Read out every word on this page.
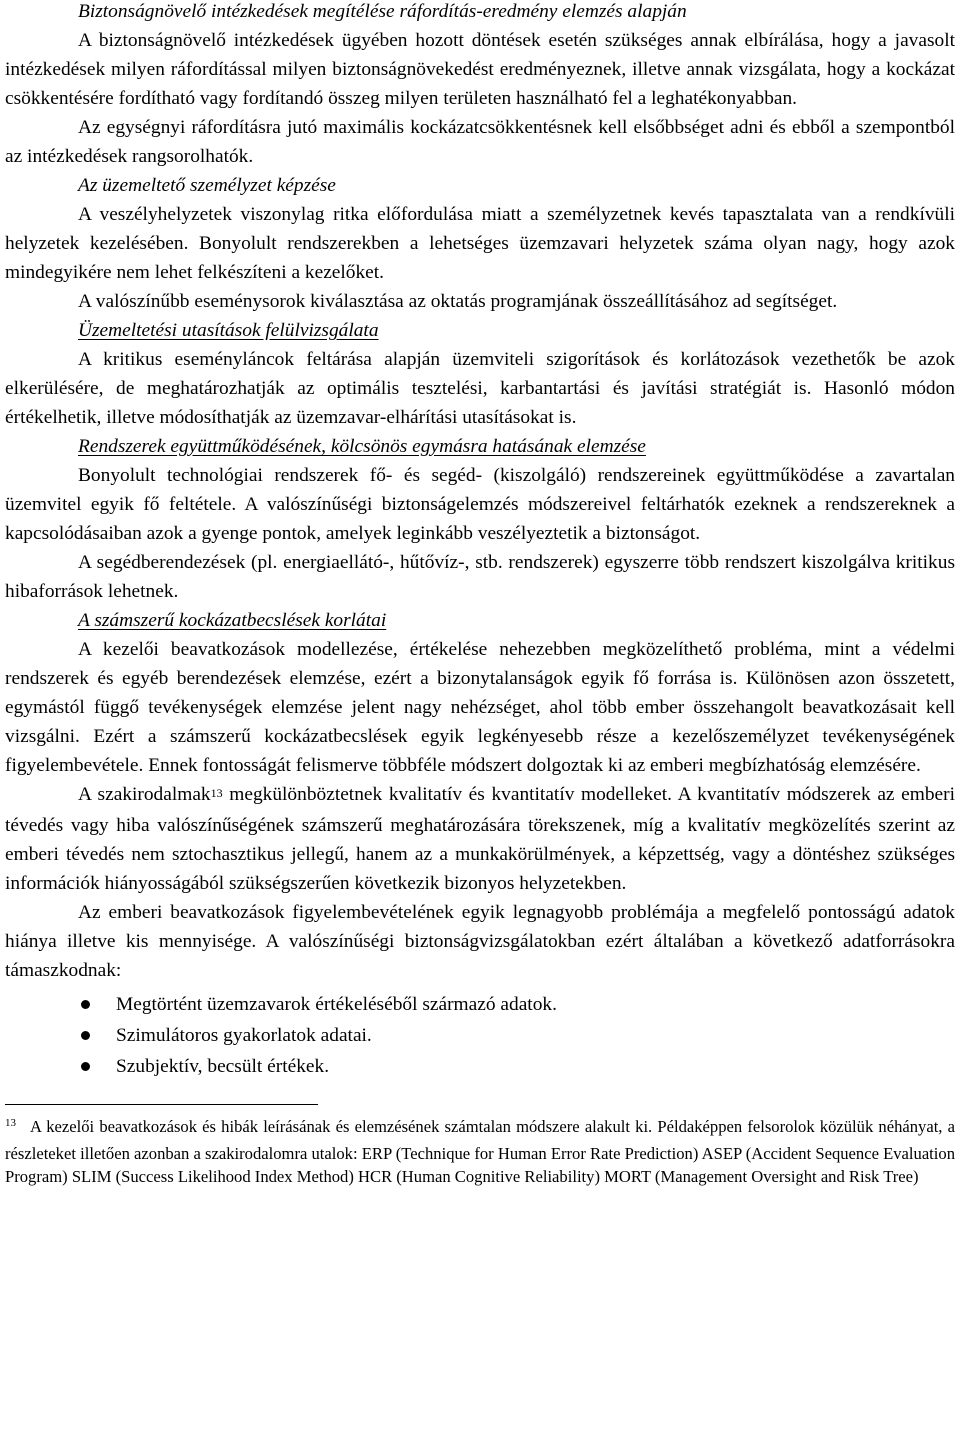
Biztonságnövelő intézkedések megítélése ráfordítás-eredmény elemzés alapján

A biztonságnövelő intézkedések ügyében hozott döntések esetén szükséges annak elbírálása, hogy a javasolt intézkedések milyen ráfordítással milyen biztonságnövekedést eredményeznek, illetve annak vizsgálata, hogy a kockázat csökkentésére fordítható vagy fordítandó összeg milyen területen használható fel a leghatékonyabban.

Az egységnyi ráfordításra jutó maximális kockázatcsökkentésnek kell elsőbbséget adni és ebből a szempontból az intézkedések rangsorolhatók.

Az üzemeltető személyzet képzése

A veszélyhelyzetek viszonylag ritka előfordulása miatt a személyzetnek kevés tapasztalata van a rendkívüli helyzetek kezelésében. Bonyolult rendszerekben a lehetséges üzemzavari helyzetek száma olyan nagy, hogy azok mindegyikére nem lehet felkészíteni a kezelőket.

A valószínűbb eseménysorok kiválasztása az oktatás programjának összeállításához ad segítséget.

Üzemeltetési utasítások felülvizsgálata

A kritikus eseményláncok feltárása alapján üzemviteli szigorítások és korlátozások vezethetők be azok elkerülésére, de meghatározhatják az optimális tesztelési, karbantartási és javítási stratégiát is. Hasonló módon értékelhetik, illetve módosíthatják az üzemzavar-elhárítási utasításokat is.

Rendszerek együttműködésének, kölcsönös egymásra hatásának elemzése

Bonyolult technológiai rendszerek fő- és segéd- (kiszolgáló) rendszereinek együttműködése a zavartalan üzemvitel egyik fő feltétele. A valószínűségi biztonságelemzés módszereivel feltárhatók ezeknek a rendszereknek a kapcsolódásaiban azok a gyenge pontok, amelyek leginkább veszélyeztetik a biztonságot.

A segédberendezések (pl. energiaellátó-, hűtővíz-, stb. rendszerek) egyszerre több rendszert kiszolgálva kritikus hibaforrások lehetnek.

A számszerű kockázatbecslések korlátai

A kezelői beavatkozások modellezése, értékelése nehezebben megközelíthető probléma, mint a védelmi rendszerek és egyéb berendezések elemzése, ezért a bizonytalanságok egyik fő forrása is. Különösen azon összetett, egymástól függő tevékenységek elemzése jelent nagy nehézséget, ahol több ember összehangolt beavatkozásait kell vizsgálni. Ezért a számszerű kockázatbecslések egyik legkényesebb része a kezelőszemélyzet tevékenységének figyelembevétele. Ennek fontosságát felismerve többféle módszert dolgoztak ki az emberi megbízhatóság elemzésére.

A szakirodalmak$^{13}$ megkülönböztetnek kvalitatív és kvantitatív modelleket. A kvantitatív módszerek az emberi tévedés vagy hiba valószínűségének számszerű meghatározására törekszenek, míg a kvalitatív megközelítés szerint az emberi tévedés nem sztochasztikus jellegű, hanem az a munkakörülmények, a képzettség, vagy a döntéshez szükséges információk hiányosságából szükségszerűen következik bizonyos helyzetekben.

Az emberi beavatkozások figyelembevételének egyik legnagyobb problémája a megfelelő pontosságú adatok hiánya illetve kis mennyisége. A valószínűségi biztonságvizsgálatokban ezért általában a következő adatforrásokra támaszkodnak:

Megtörtént üzemzavarok értékeléséből származó adatok.
Szimulátoros gyakorlatok adatai.
Szubjektív, becsült értékek.

$^{13}$ A kezelői beavatkozások és hibák leírásának és elemzésének számtalan módszere alakult ki. Példaképpen felsorolok közülük néhányat, a részleteket illetően azonban a szakirodalomra utalok: ERP (Technique for Human Error Rate Prediction) ASEP (Accident Sequence Evaluation Program) SLIM (Success Likelihood Index Method) HCR (Human Cognitive Reliability) MORT (Management Oversight and Risk Tree)
